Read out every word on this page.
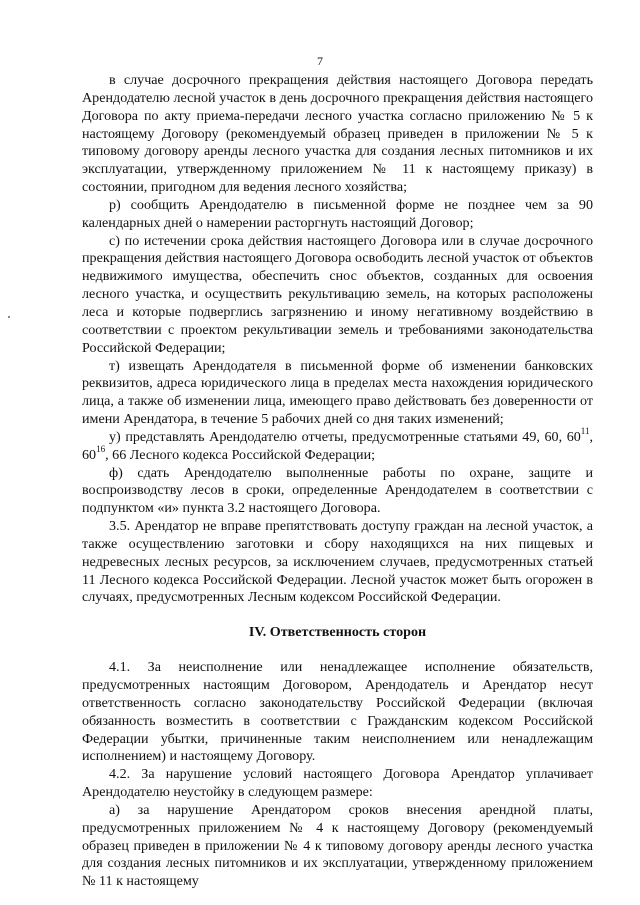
7

в случае досрочного прекращения действия настоящего Договора передать Арендодателю лесной участок в день досрочного прекращения действия настоящего Договора по акту приема-передачи лесного участка согласно приложению № 5 к настоящему Договору (рекомендуемый образец приведен в приложении № 5 к типовому договору аренды лесного участка для создания лесных питомников и их эксплуатации, утвержденному приложением № 11 к настоящему приказу) в состоянии, пригодном для ведения лесного хозяйства;

р) сообщить Арендодателю в письменной форме не позднее чем за 90 календарных дней о намерении расторгнуть настоящий Договор;

с) по истечении срока действия настоящего Договора или в случае досрочного прекращения действия настоящего Договора освободить лесной участок от объектов недвижимого имущества, обеспечить снос объектов, созданных для освоения лесного участка, и осуществить рекультивацию земель, на которых расположены леса и которые подверглись загрязнению и иному негативному воздействию в соответствии с проектом рекультивации земель и требованиями законодательства Российской Федерации;

т) извещать Арендодателя в письменной форме об изменении банковских реквизитов, адреса юридического лица в пределах места нахождения юридического лица, а также об изменении лица, имеющего право действовать без доверенности от имени Арендатора, в течение 5 рабочих дней со дня таких изменений;

у) представлять Арендодателю отчеты, предусмотренные статьями 49, 60, $60^{11}$, $60^{16}$, 66 Лесного кодекса Российской Федерации;

ф) сдать Арендодателю выполненные работы по охране, защите и воспроизводству лесов в сроки, определенные Арендодателем в соответствии с подпунктом «и» пункта 3.2 настоящего Договора.

3.5. Арендатор не вправе препятствовать доступу граждан на лесной участок, а также осуществлению заготовки и сбору находящихся на них пищевых и недревесных лесных ресурсов, за исключением случаев, предусмотренных статьей 11 Лесного кодекса Российской Федерации. Лесной участок может быть огорожен в случаях, предусмотренных Лесным кодексом Российской Федерации.

IV. Ответственность сторон

4.1. За неисполнение или ненадлежащее исполнение обязательств, предусмотренных настоящим Договором, Арендодатель и Арендатор несут ответственность согласно законодательству Российской Федерации (включая обязанность возместить в соответствии с Гражданским кодексом Российской Федерации убытки, причиненные таким неисполнением или ненадлежащим исполнением) и настоящему Договору.

4.2. За нарушение условий настоящего Договора Арендатор уплачивает Арендодателю неустойку в следующем размере:

а) за нарушение Арендатором сроков внесения арендной платы, предусмотренных приложением № 4 к настоящему Договору (рекомендуемый образец приведен в приложении № 4 к типовому договору аренды лесного участка для создания лесных питомников и их эксплуатации, утвержденному приложением № 11 к настоящему
